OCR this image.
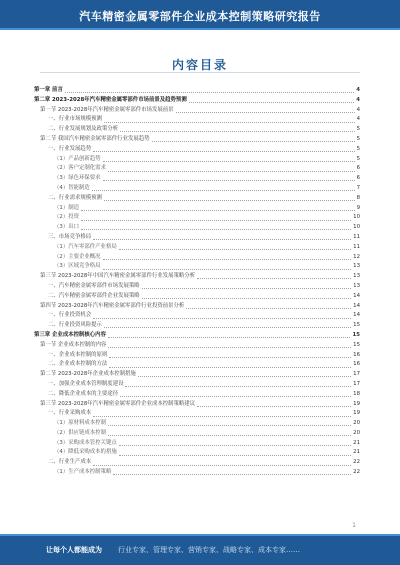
汽车精密金属零部件企业成本控制策略研究报告
内容目录
第一章 前言	4
第二章 2023-2028年汽车精密金属零部件市场前景及趋势预测	4
第一节 2023-2028年汽车精密金属零部件市场发展前景	4
一、行业市场规模预测	4
二、行业发展规划及政策分析	5
第二节 我国汽车精密金属零部件行业发展趋势	5
一、行业发展趋势	5
（1）产品创新趋势	5
（2）客户定制化需求	6
（3）绿色环保要求	6
（4）智能制造	7
二、行业需求规模预测	8
（1）制造	9
（2）投资	10
（3）出口	10
三、市场竞争格局	11
（1）汽车零部件产业格局	11
（2）主要企业概况	12
（3）区域竞争格局	13
第三节 2023-2028年中国汽车精密金属零部件行业发展策略分析	13
一、汽车精密金属零部件市场发展策略	13
二、汽车精密金属零部件企业发展策略	14
第四节 2023-2028年汽车精密金属零部件行业投资前景分析	14
一、行业投资机会	14
二、行业投资风险提示	15
第三章 企业成本控制核心内容	15
第一节 企业成本控制的内容	15
一、企业成本控制的原则	16
二、企业成本控制的方法	16
第二节 2023-2028年企业成本控制措施	17
一、加强企业成本管理制度建设	17
二、降低企业成本的主要途径	18
第三节 2023-2028年汽车精密金属零部件企业成本控制策略建议	19
一、行业采购成本	19
（1）原材料成本控制	20
（2）供应链成本控制	20
（3）采购成本管控关键点	21
（4）降低采购成本的措施	21
二、行业生产成本	22
（1）生产成本控制策略	22
1
让每个人都能成为 行业专家、管理专家、营销专家、战略专家、成本专家……
